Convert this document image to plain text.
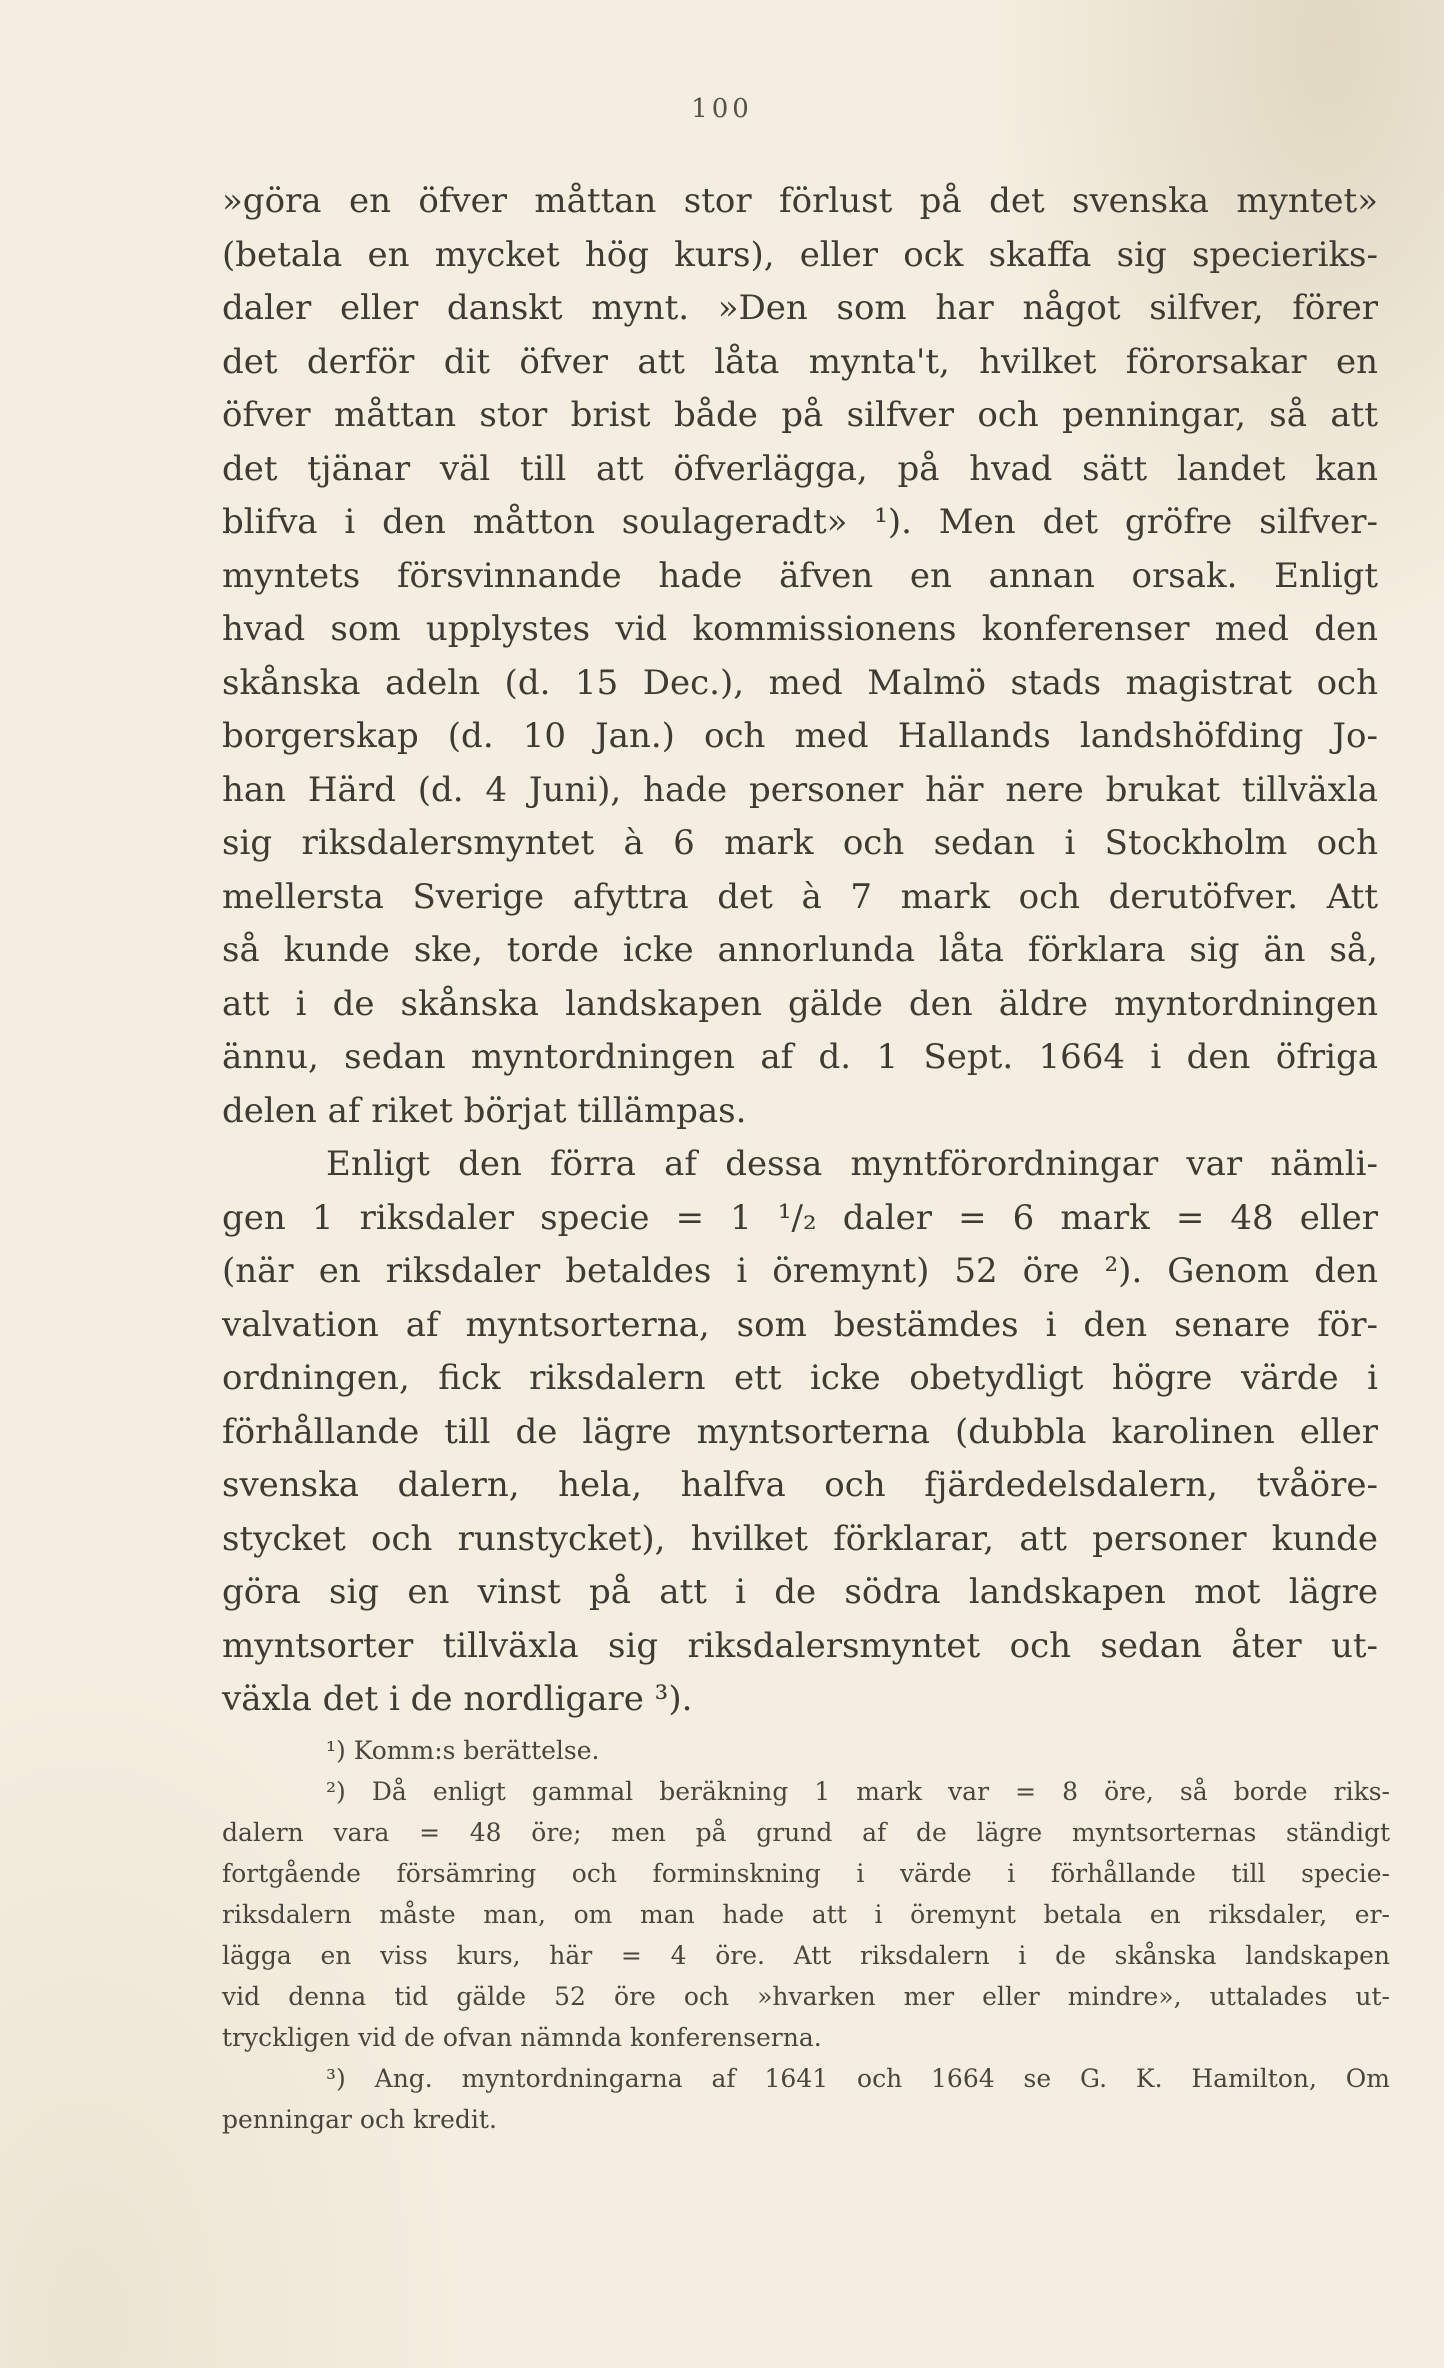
100
»göra en öfver måttan stor förlust på det svenska myntet»
(betala en mycket hög kurs), eller ock skaffa sig specieriks-
daler eller danskt mynt. »Den som har något silfver, förer
det derför dit öfver att låta mynta't, hvilket förorsakar en
öfver måttan stor brist både på silfver och penningar, så att
det tjänar väl till att öfverlägga, på hvad sätt landet kan
blifva i den måtton soulageradt» ¹). Men det gröfre silfver-
myntets försvinnande hade äfven en annan orsak. Enligt
hvad som upplystes vid kommissionens konferenser med den
skånska adeln (d. 15 Dec.), med Malmö stads magistrat och
borgerskap (d. 10 Jan.) och med Hallands landshöfding Jo-
han Härd (d. 4 Juni), hade personer här nere brukat tillväxla
sig riksdalersmyntet à 6 mark och sedan i Stockholm och
mellersta Sverige afyttra det à 7 mark och derutöfver. Att
så kunde ske, torde icke annorlunda låta förklara sig än så,
att i de skånska landskapen gälde den äldre myntordningen
ännu, sedan myntordningen af d. 1 Sept. 1664 i den öfriga
delen af riket börjat tillämpas.
Enligt den förra af dessa myntförordningar var nämli-
gen 1 riksdaler specie = 1 ¹/₂ daler = 6 mark = 48 eller
(när en riksdaler betaldes i öremynt) 52 öre ²). Genom den
valvation af myntsorterna, som bestämdes i den senare för-
ordningen, fick riksdalern ett icke obetydligt högre värde i
förhållande till de lägre myntsorterna (dubbla karolinen eller
svenska dalern, hela, halfva och fjärdedelsdalern, tvåöre-
stycket och runstycket), hvilket förklarar, att personer kunde
göra sig en vinst på att i de södra landskapen mot lägre
myntsorter tillväxla sig riksdalersmyntet och sedan åter ut-
växla det i de nordligare ³).
¹) Komm:s berättelse.
²) Då enligt gammal beräkning 1 mark var = 8 öre, så borde riks-
dalern vara = 48 öre; men på grund af de lägre myntsorternas ständigt
fortgående försämring och forminskning i värde i förhållande till specie-
riksdalern måste man, om man hade att i öremynt betala en riksdaler, er-
lägga en viss kurs, här = 4 öre. Att riksdalern i de skånska landskapen
vid denna tid gälde 52 öre och »hvarken mer eller mindre», uttalades ut-
tryckligen vid de ofvan nämnda konferenserna.
³) Ang. myntordningarna af 1641 och 1664 se G. K. Hamilton, Om
penningar och kredit.
